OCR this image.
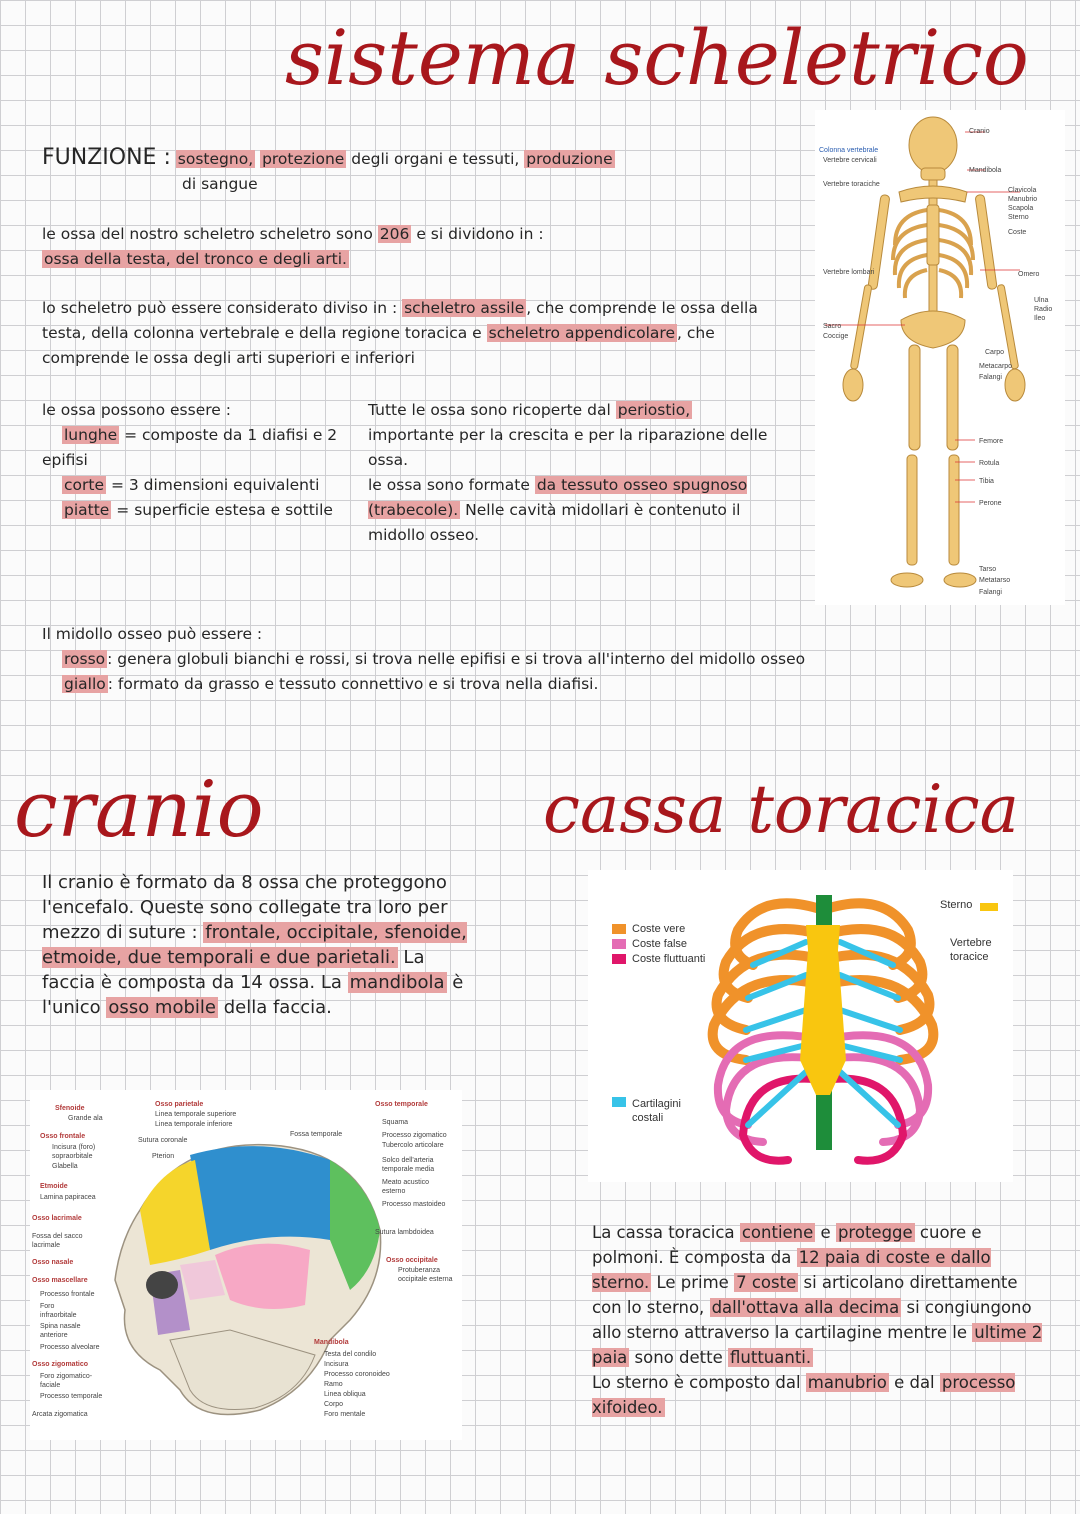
sistema scheletrico

FUNZIONE : sostegno, protezione degli organi e tessuti, produzione

di sangue

le ossa del nostro scheletro scheletro sono 206 e si dividono in :

ossa della testa, del tronco e degli arti.

lo scheletro può essere considerato diviso in : scheletro assile , che comprende le ossa della testa, della colonna vertebrale e della regione toracica e scheletro appendicolare , che comprende le ossa degli arti superiori e inferiori

le ossa possono essere :

lunghe = composte da 1 diafisi e 2 epifisi

corte = 3 dimensioni equivalenti

piatte = superficie estesa e sottile

Tutte le ossa sono ricoperte dal periostio, importante per la crescita e per la riparazione delle ossa.

le ossa sono formate da tessuto osseo spugnoso (trabecole). Nelle cavità midollari è contenuto il midollo osseo.

Colonna vertebrale
Vertebre cervicali
Vertebre toraciche
Vertebre lombari
Sacro
Coccige
Cranio
Mandibola
Clavicola
Manubrio
Scapola
Sterno
Coste
Omero
Ulna
Radio
Ileo
Carpo
Metacarpo
Falangi
Femore
Rotula
Tibia
Perone
Tarso
Metatarso
Falangi

Il midollo osseo può essere :

rosso : genera globuli bianchi e rossi, si trova nelle epifisi e si trova all'interno del midollo osseo

giallo : formato da grasso e tessuto connettivo e si trova nella diafisi.

cranio	cassa toracica

Il cranio è formato da 8 ossa che proteggono l'encefalo. Queste sono collegate tra loro per mezzo di suture : frontale, occipitale, sfenoide, etmoide, due temporali e due parietali. La faccia è composta da 14 ossa. La mandibola è l'unico osso mobile della faccia.

Coste vere
Coste false
Coste fluttuanti
Cartilagini costali
Sterno
Vertebre toracice
Sfenoide
Grande ala
Osso frontale
Incisura (foro) sopraorbitale
Glabella
Etmoide
Lamina papiracea
Osso lacrimale
Fossa del sacco lacrimale
Osso nasale
Osso mascellare
Processo frontale
Foro infraorbitale
Spina nasale anteriore
Processo alveolare
Osso zigomatico
Foro zigomatico-faciale
Processo temporale
Arcata zigomatica
Osso parietale
Linea temporale superiore
Linea temporale inferiore
Sutura coronale
Pterion
Fossa temporale
Osso temporale
Squama
Processo zigomatico
Tubercolo articolare
Solco dell'arteria temporale media
Meato acustico esterno
Processo mastoideo
Sutura lambdoidea
Osso occipitale
Protuberanza occipitale esterna
Mandibola
Testa del condilo
Incisura
Processo coronoideo
Ramo
Linea obliqua
Corpo
Foro mentale

La cassa toracica contiene e protegge cuore e polmoni. È composta da 12 paia di coste e dallo sterno. Le prime 7 coste si articolano direttamente con lo sterno, dall'ottava alla decima si congiungono allo sterno attraverso la cartilagine mentre le ultime 2 paia sono dette fluttuanti.

Lo sterno è composto dal manubrio e dal processo xifoideo.
